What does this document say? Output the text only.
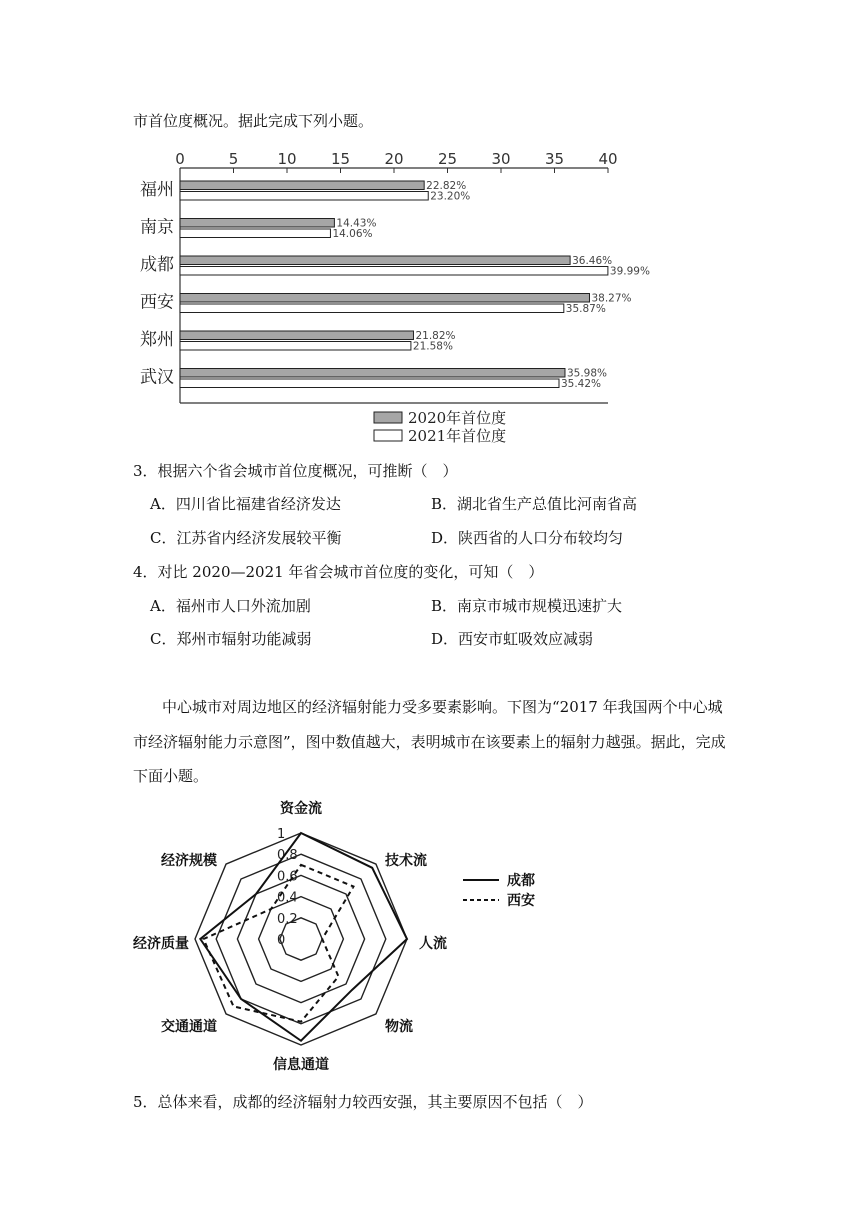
市首位度概况。据此完成下列小题。
0	5	10 15 20 25 30 35 40
福州	22.82%
23.20%
南京	14.43%
14.06%
成都	36.46%
39.99%
西安	38.27%
35.87%
郑州	21.82%
21.58%
武汉	35.98%
35.42%
2020年首位度
2021年首位度
3．根据六个省会城市首位度概况，可推断（　）
A．四川省比福建省经济发达	B．湖北省生产总值比河南省高
C．江苏省内经济发展较平衡	D．陕西省的人口分布较均匀
4．对比 2020—2021 年省会城市首位度的变化，可知（　）
A．福州市人口外流加剧	B．南京市城市规模迅速扩大
C．郑州市辐射功能减弱	D．西安市虹吸效应减弱
中心城市对周边地区的经济辐射能力受多要素影响。下图为“2017 年我国两个中心城
市经济辐射能力示意图”，图中数值越大，表明城市在该要素上的辐射力越强。据此，完成
下面小题。
0
0.2
0.4
0.6
0.8
1
资金流
技术流
人流
物流
信息通道
交通通道
经济质量
经济规模
成都
西安
5．总体来看，成都的经济辐射力较西安强，其主要原因不包括（　）
